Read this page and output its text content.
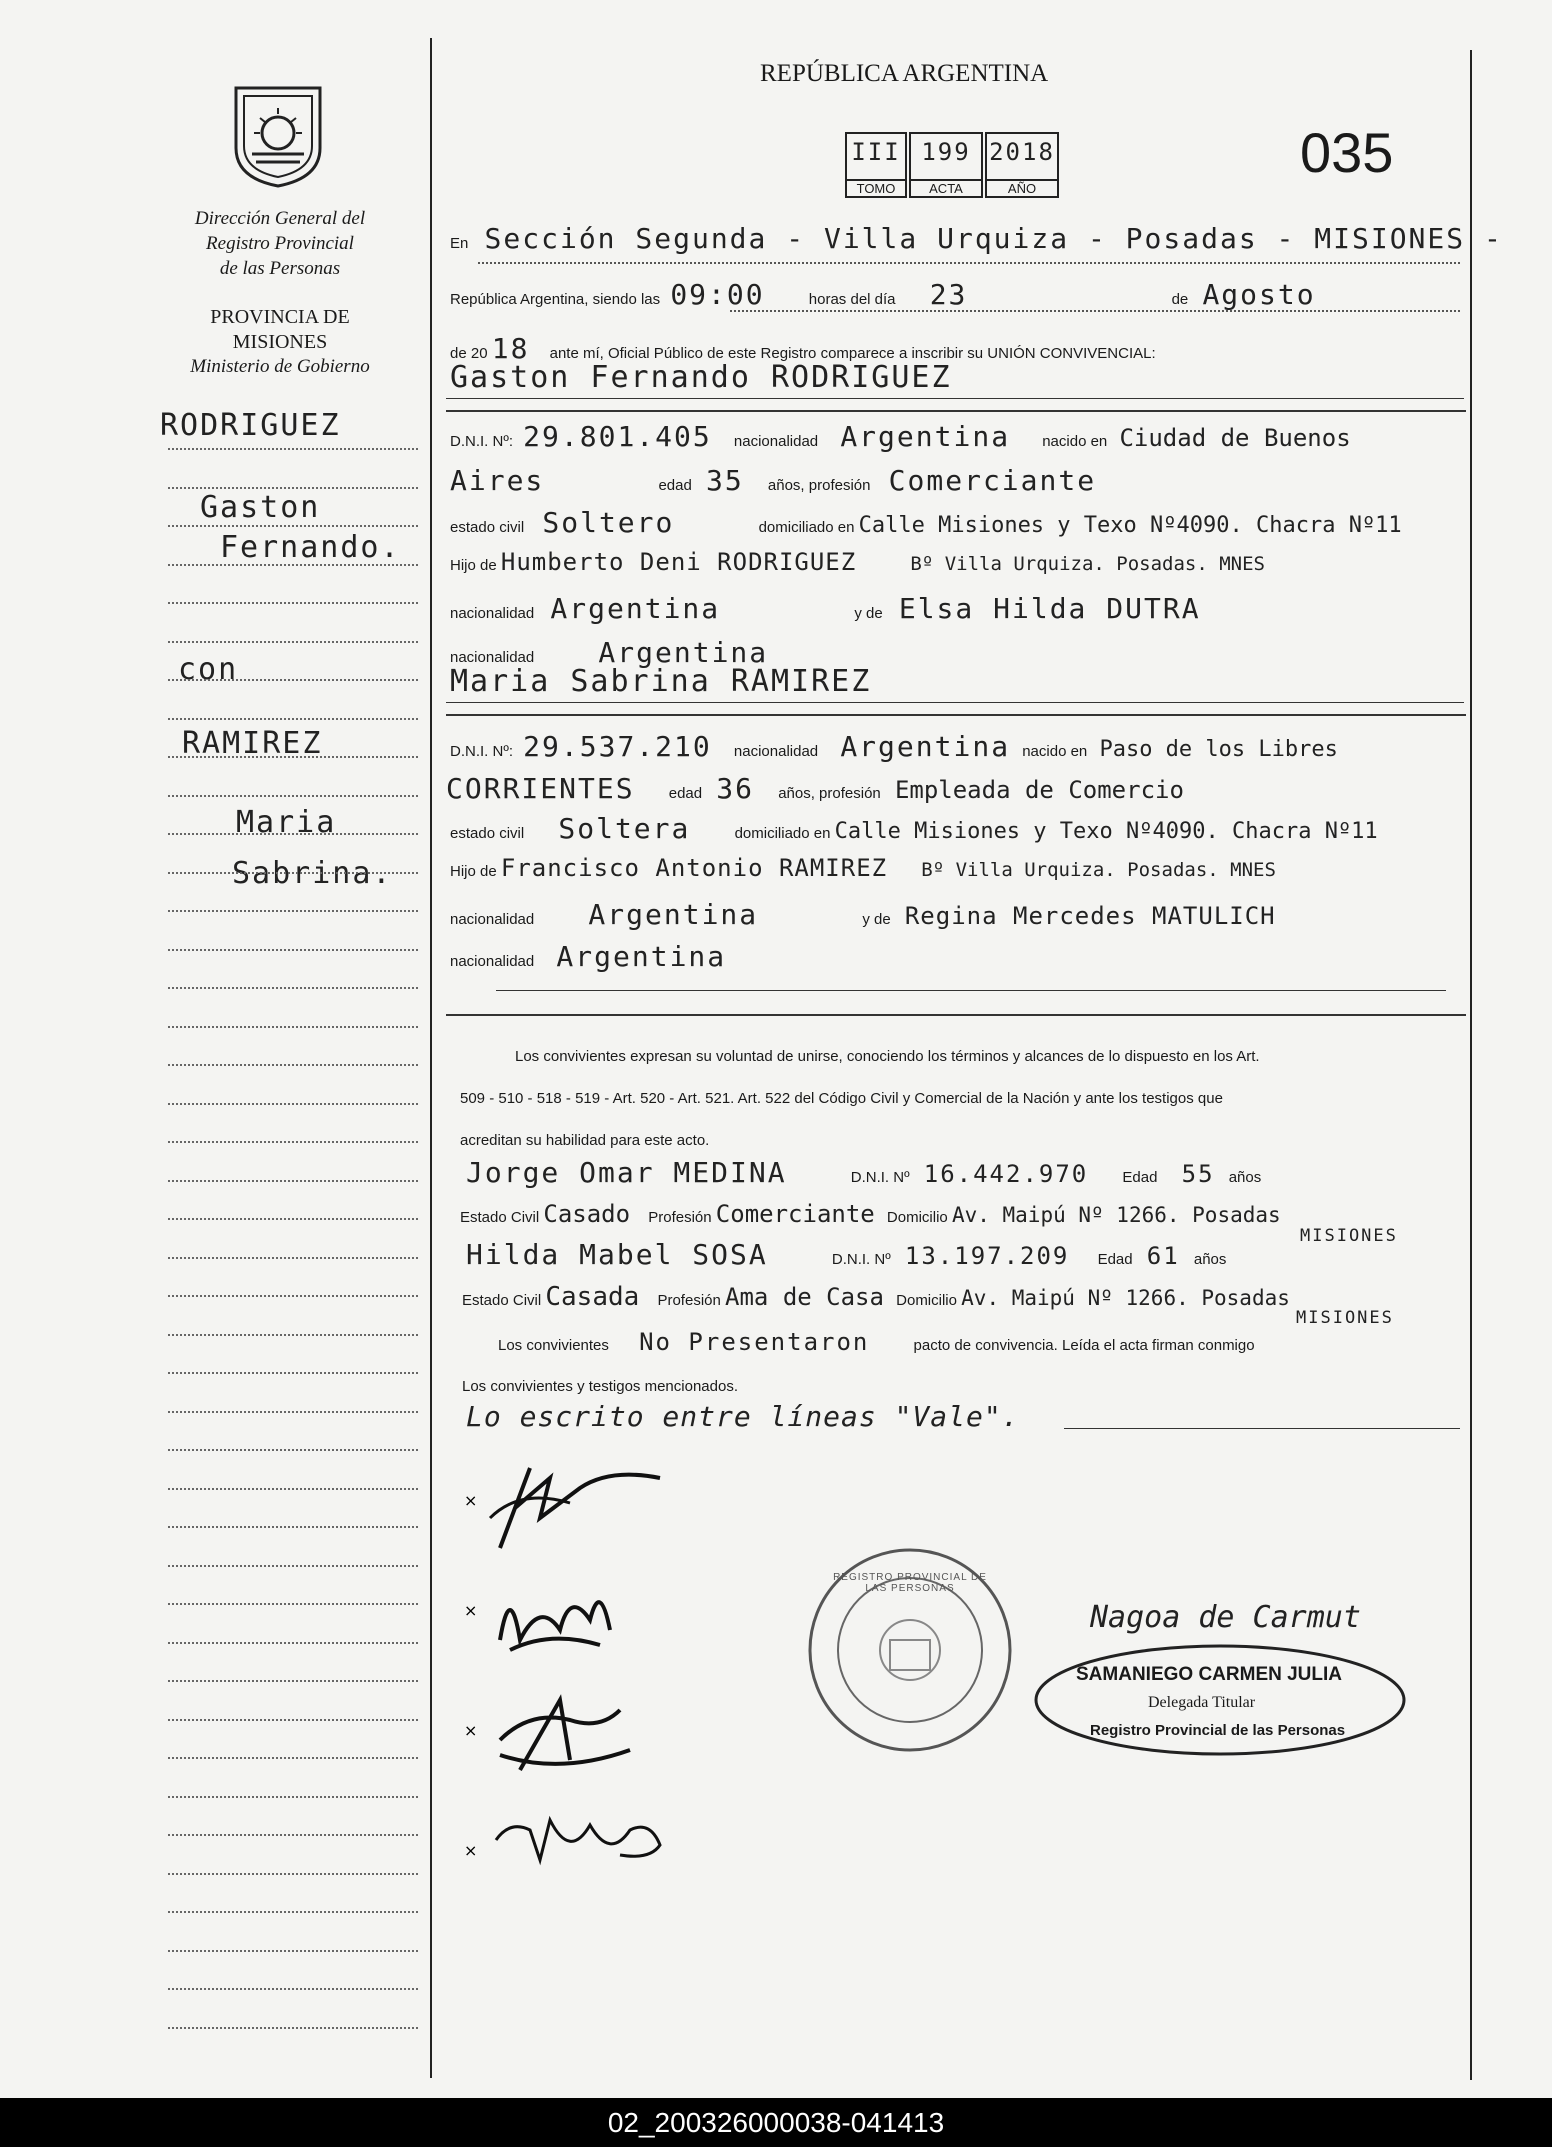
Dirección General del
Registro Provincial
de las Personas
PROVINCIA DE
MISIONES
Ministerio de Gobierno
RODRIGUEZ
Gaston
Fernando.
con
RAMIREZ
Maria
Sabrina.
REPÚBLICA ARGENTINA
035
III
TOMO
199
ACTA
2018
AÑO
En Sección Segunda - Villa Urquiza - Posadas - MISIONES -
República Argentina, siendo las 09:00	horas del día 23	de Agosto
de 20 18 ante mí, Oficial Público de este Registro comparece a inscribir su UNIÓN CONVIVENCIAL:
Gaston Fernando RODRIGUEZ
D.N.I. Nº: 29.801.405 nacionalidad Argentina nacido en Ciudad de Buenos
Aires	edad 35 años, profesión Comerciante
estado civil Soltero	domiciliado en Calle Misiones y Texo Nº4090. Chacra Nº11
Hijo de Humberto Deni RODRIGUEZ	Bº Villa Urquiza. Posadas. MNES
nacionalidad Argentina	y de Elsa Hilda DUTRA
nacionalidad Argentina
Maria Sabrina RAMIREZ
D.N.I. Nº: 29.537.210 nacionalidad Argentina nacido en Paso de los Libres
CORRIENTES edad 36 años, profesión Empleada de Comercio
estado civil Soltera	domiciliado en Calle Misiones y Texo Nº4090. Chacra Nº11
Hijo de Francisco Antonio RAMIREZ Bº Villa Urquiza. Posadas. MNES
nacionalidad Argentina	y de Regina Mercedes MATULICH
nacionalidad Argentina
Los convivientes expresan su voluntad de unirse, conociendo los términos y alcances de lo dispuesto en los Art.
509 - 510 - 518 - 519 - Art. 520 - Art. 521. Art. 522 del Código Civil y Comercial de la Nación y ante los testigos que
acreditan su habilidad para este acto.
Jorge Omar MEDINA	D.N.I. Nº 16.442.970 Edad 55 años
Estado Civil Casado Profesión Comerciante Domicilio Av. Maipú Nº 1266. Posadas
MISIONES
Hilda Mabel SOSA	D.N.I. Nº 13.197.209 Edad 61 años
Estado Civil Casada Profesión Ama de Casa Domicilio Av. Maipú Nº 1266. Posadas
MISIONES
Los convivientes No Presentaron	pacto de convivencia. Leída el acta firman conmigo
Los convivientes y testigos mencionados.
Lo escrito entre líneas "Vale".
×
×
×
×
REGISTRO PROVINCIAL DE LAS PERSONAS
Nagoa de Carmut
SAMANIEGO CARMEN JULIA
Delegada Titular
Registro Provincial de las Personas
02_200326000038-041413
